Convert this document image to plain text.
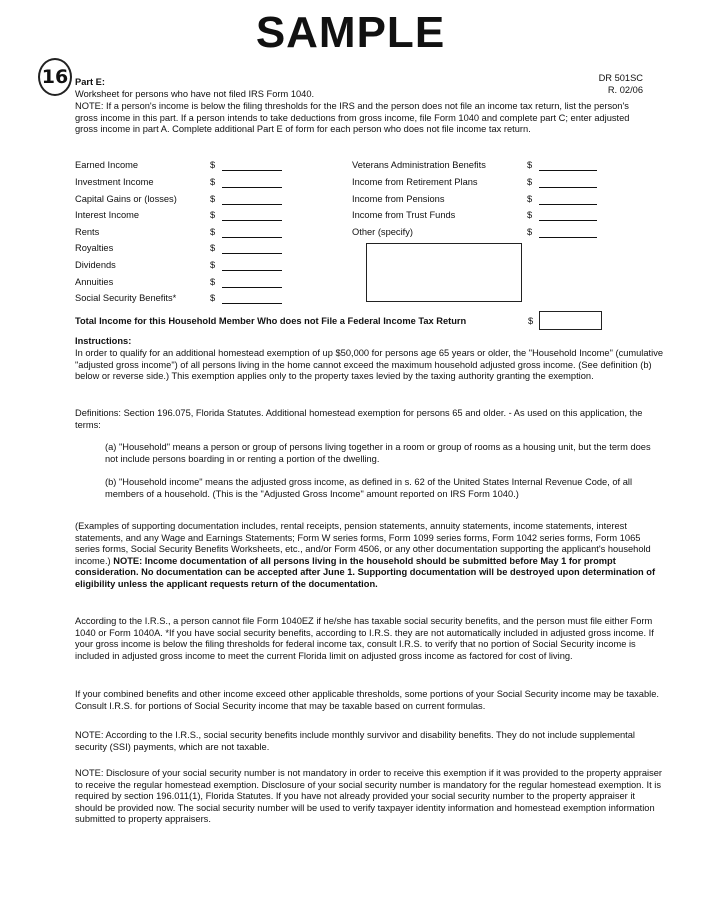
SAMPLE
16 Part E:	DR 501SC
R. 02/06
Worksheet for persons who have not filed IRS Form 1040.
NOTE: If a person's income is below the filing thresholds for the IRS and the person does not file an income tax return, list the person's gross income in this part. If a person intends to take deductions from gross income, file Form 1040 and complete part C; enter adjusted gross income in part A. Complete additional Part E of form for each person who does not file income tax return.
Earned Income	$
Investment Income	$
Capital Gains or (losses)	$
Interest Income	$
Rents	$
Royalties	$
Dividends	$
Annuities	$
Social Security Benefits*	$
Veterans Administration Benefits	$
Income from Retirement Plans	$
Income from Pensions	$
Income from Trust Funds	$
Other (specify)	$
Total Income for this Household Member Who does not File a Federal Income Tax Return	$
Instructions:
In order to qualify for an additional homestead exemption of up $50,000 for persons age 65 years or older, the "Household Income" (cumulative "adjusted gross income") of all persons living in the home cannot exceed the maximum household adjusted gross income. (See definition (b) below or reverse side.) This exemption applies only to the property taxes levied by the taxing authority granting the exemption.
Definitions: Section 196.075, Florida Statutes. Additional homestead exemption for persons 65 and older. - As used on this application, the terms:
(a) "Household" means a person or group of persons living together in a room or group of rooms as a housing unit, but the term does not include persons boarding in or renting a portion of the dwelling.
(b) "Household income" means the adjusted gross income, as defined in s. 62 of the United States Internal Revenue Code, of all members of a household. (This is the "Adjusted Gross Income" amount reported on IRS Form 1040.)
(Examples of supporting documentation includes, rental receipts, pension statements, annuity statements, income statements, interest statements, and any Wage and Earnings Statements; Form W series forms, Form 1099 series forms, Form 1042 series forms, Form 1065 series forms, Social Security Benefits Worksheets, etc., and/or Form 4506, or any other documentation supporting the applicant's household income.) NOTE: Income documentation of all persons living in the household should be submitted before May 1 for prompt consideration. No documentation can be accepted after June 1. Supporting documentation will be destroyed upon determination of eligibility unless the applicant requests return of the documentation.
According to the I.R.S., a person cannot file Form 1040EZ if he/she has taxable social security benefits, and the person must file either Form 1040 or Form 1040A. *If you have social security benefits, according to I.R.S. they are not automatically included in adjusted gross income. If your gross income is below the filing thresholds for federal income tax, consult I.R.S. to verify that no portion of Social Security income is included in adjusted gross income to meet the current Florida limit on adjusted gross income as factored for cost of living.
If your combined benefits and other income exceed other applicable thresholds, some portions of your Social Security income may be taxable. Consult I.R.S. for portions of Social Security income that may be taxable based on current formulas.
NOTE: According to the I.R.S., social security benefits include monthly survivor and disability benefits. They do not include supplemental security (SSI) payments, which are not taxable.
NOTE: Disclosure of your social security number is not mandatory in order to receive this exemption if it was provided to the property appraiser to receive the regular homestead exemption. Disclosure of your social security number is mandatory for the regular homestead exemption. It is required by section 196.011(1), Florida Statutes. If you have not already provided your social security number to the property appraiser it should be provided now. The social security number will be used to verify taxpayer identity information and homestead exemption information submitted to property appraisers.
